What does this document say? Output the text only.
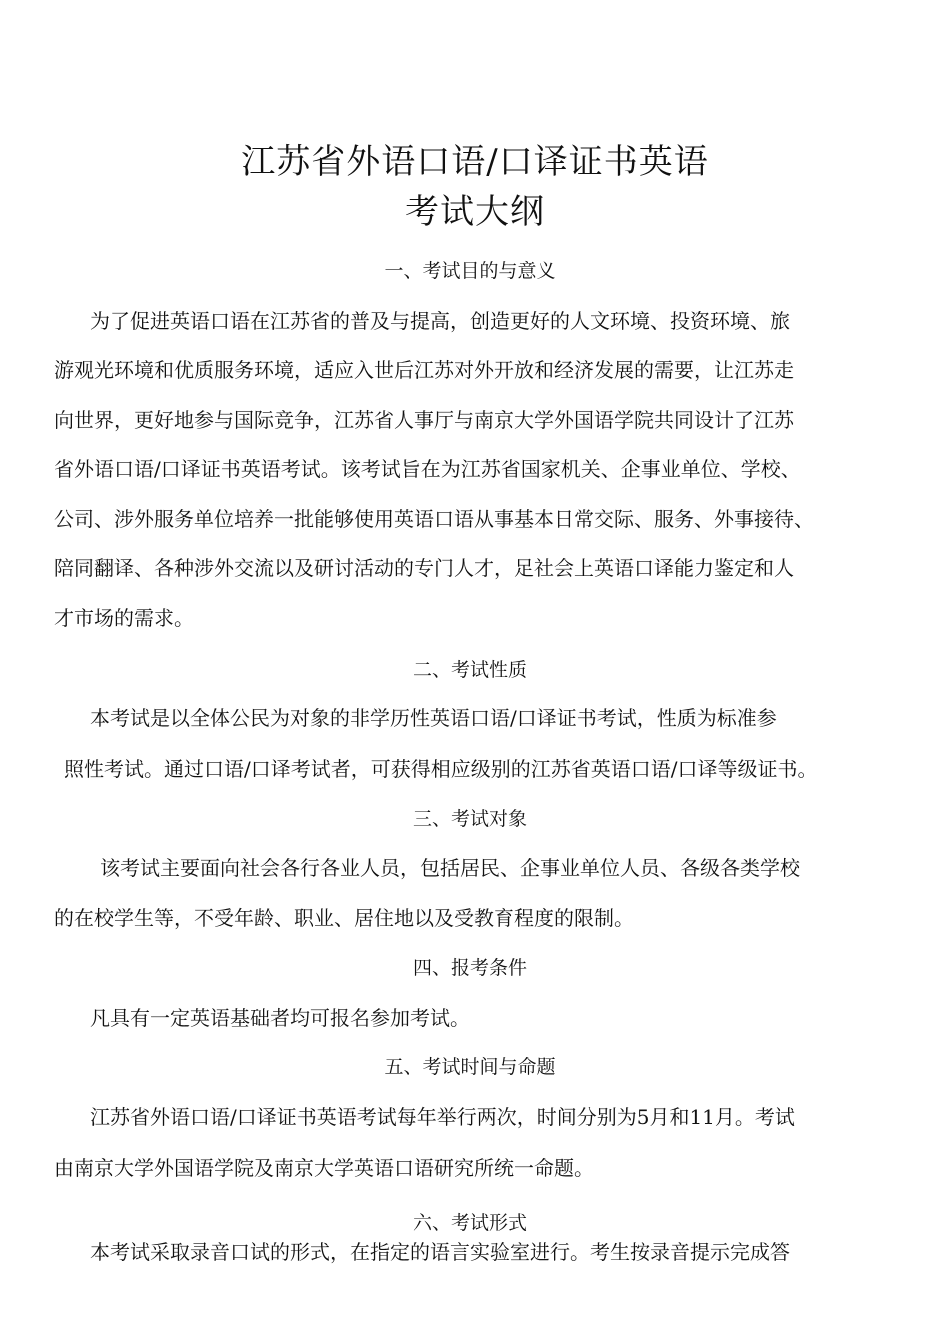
江苏省外语口语/口译证书英语
考试大纲
一、考试目的与意义
为了促进英语口语在江苏省的普及与提高，创造更好的人文环境、投资环境、旅
游观光环境和优质服务环境，适应入世后江苏对外开放和经济发展的需要，让江苏走
向世界，更好地参与国际竞争，江苏省人事厅与南京大学外国语学院共同设计了江苏
省外语口语/口译证书英语考试。该考试旨在为江苏省国家机关、企事业单位、学校、
公司、涉外服务单位培养一批能够使用英语口语从事基本日常交际、服务、外事接待、
陪同翻译、各种涉外交流以及研讨活动的专门人才，足社会上英语口译能力鉴定和人
才市场的需求。
二、考试性质
本考试是以全体公民为对象的非学历性英语口语/口译证书考试，性质为标准参
照性考试。通过口语/口译考试者，可获得相应级别的江苏省英语口语/口译等级证书。
三、考试对象
该考试主要面向社会各行各业人员，包括居民、企事业单位人员、各级各类学校
的在校学生等，不受年龄、职业、居住地以及受教育程度的限制。
四、报考条件
凡具有一定英语基础者均可报名参加考试。
五、考试时间与命题
江苏省外语口语/口译证书英语考试每年举行两次，时间分别为5月和11月。考试
由南京大学外国语学院及南京大学英语口语研究所统一命题。
六、考试形式
本考试采取录音口试的形式，在指定的语言实验室进行。考生按录音提示完成答
